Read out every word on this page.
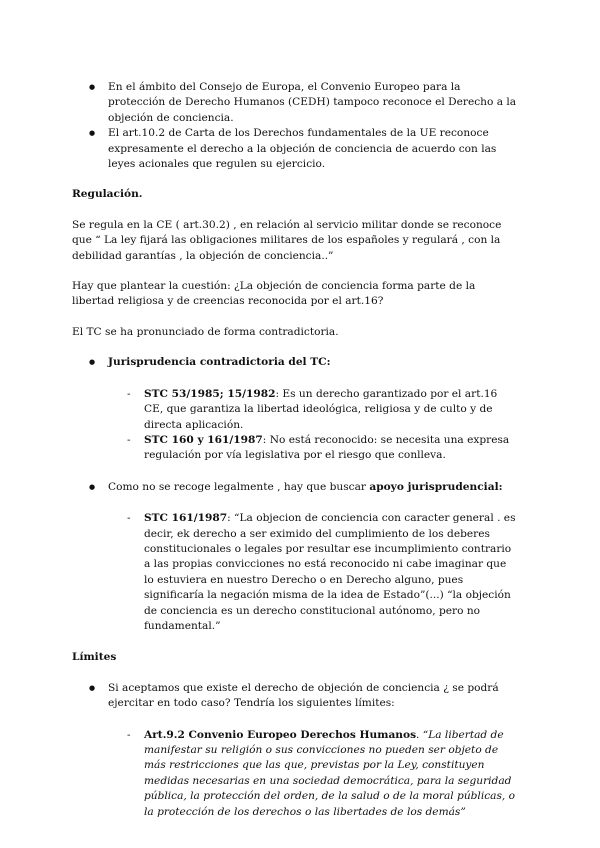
● En el ámbito del Consejo de Europa, el Convenio Europeo para la protección de Derecho Humanos (CEDH) tampoco reconoce el Derecho a la objeción de conciencia.
● El art.10.2 de Carta de los Derechos fundamentales de la UE reconoce expresamente el derecho a la objeción de conciencia de acuerdo con las leyes acionales que regulen su ejercicio.

Regulación.

Se regula en la CE ( art.30.2) , en relación al servicio militar donde se reconoce que “ La ley fijará las obligaciones militares de los españoles y regulará , con la debilidad garantías , la objeción de conciencia..”

Hay que plantear la cuestión: ¿La objeción de conciencia forma parte de la libertad religiosa y de creencias reconocida por el art.16?

El TC se ha pronunciado de forma contradictoria.

● Jurisprudencia contradictoria del TC:
- STC 53/1985; 15/1982: Es un derecho garantizado por el art.16 CE, que garantiza la libertad ideológica, religiosa y de culto y de directa aplicación.
- STC 160 y 161/1987: No está reconocido: se necesita una expresa regulación por vía legislativa por el riesgo que conlleva.
● Como no se recoge legalmente , hay que buscar apoyo jurisprudencial:
- STC 161/1987: “La objecion de conciencia con caracter general . es decir, ek derecho a ser eximido del cumplimiento de los deberes constitucionales o legales por resultar ese incumplimiento contrario a las propias convicciones no está reconocido ni cabe imaginar que lo estuviera en nuestro Derecho o en Derecho alguno, pues significaría la negación misma de la idea de Estado”(...) “la objeción de conciencia es un derecho constitucional autónomo, pero no fundamental.”

Límites

● Si aceptamos que existe el derecho de objeción de conciencia ¿ se podrá ejercitar en todo caso? Tendría los siguientes límites:
- Art.9.2 Convenio Europeo Derechos Humanos. “La libertad de manifestar su religión o sus convicciones no pueden ser objeto de más restricciones que las que, previstas por la Ley, constituyen medidas necesarias en una sociedad democrática, para la seguridad pública, la protección del orden, de la salud o de la moral públicas, o la protección de los derechos o las libertades de los demás”
